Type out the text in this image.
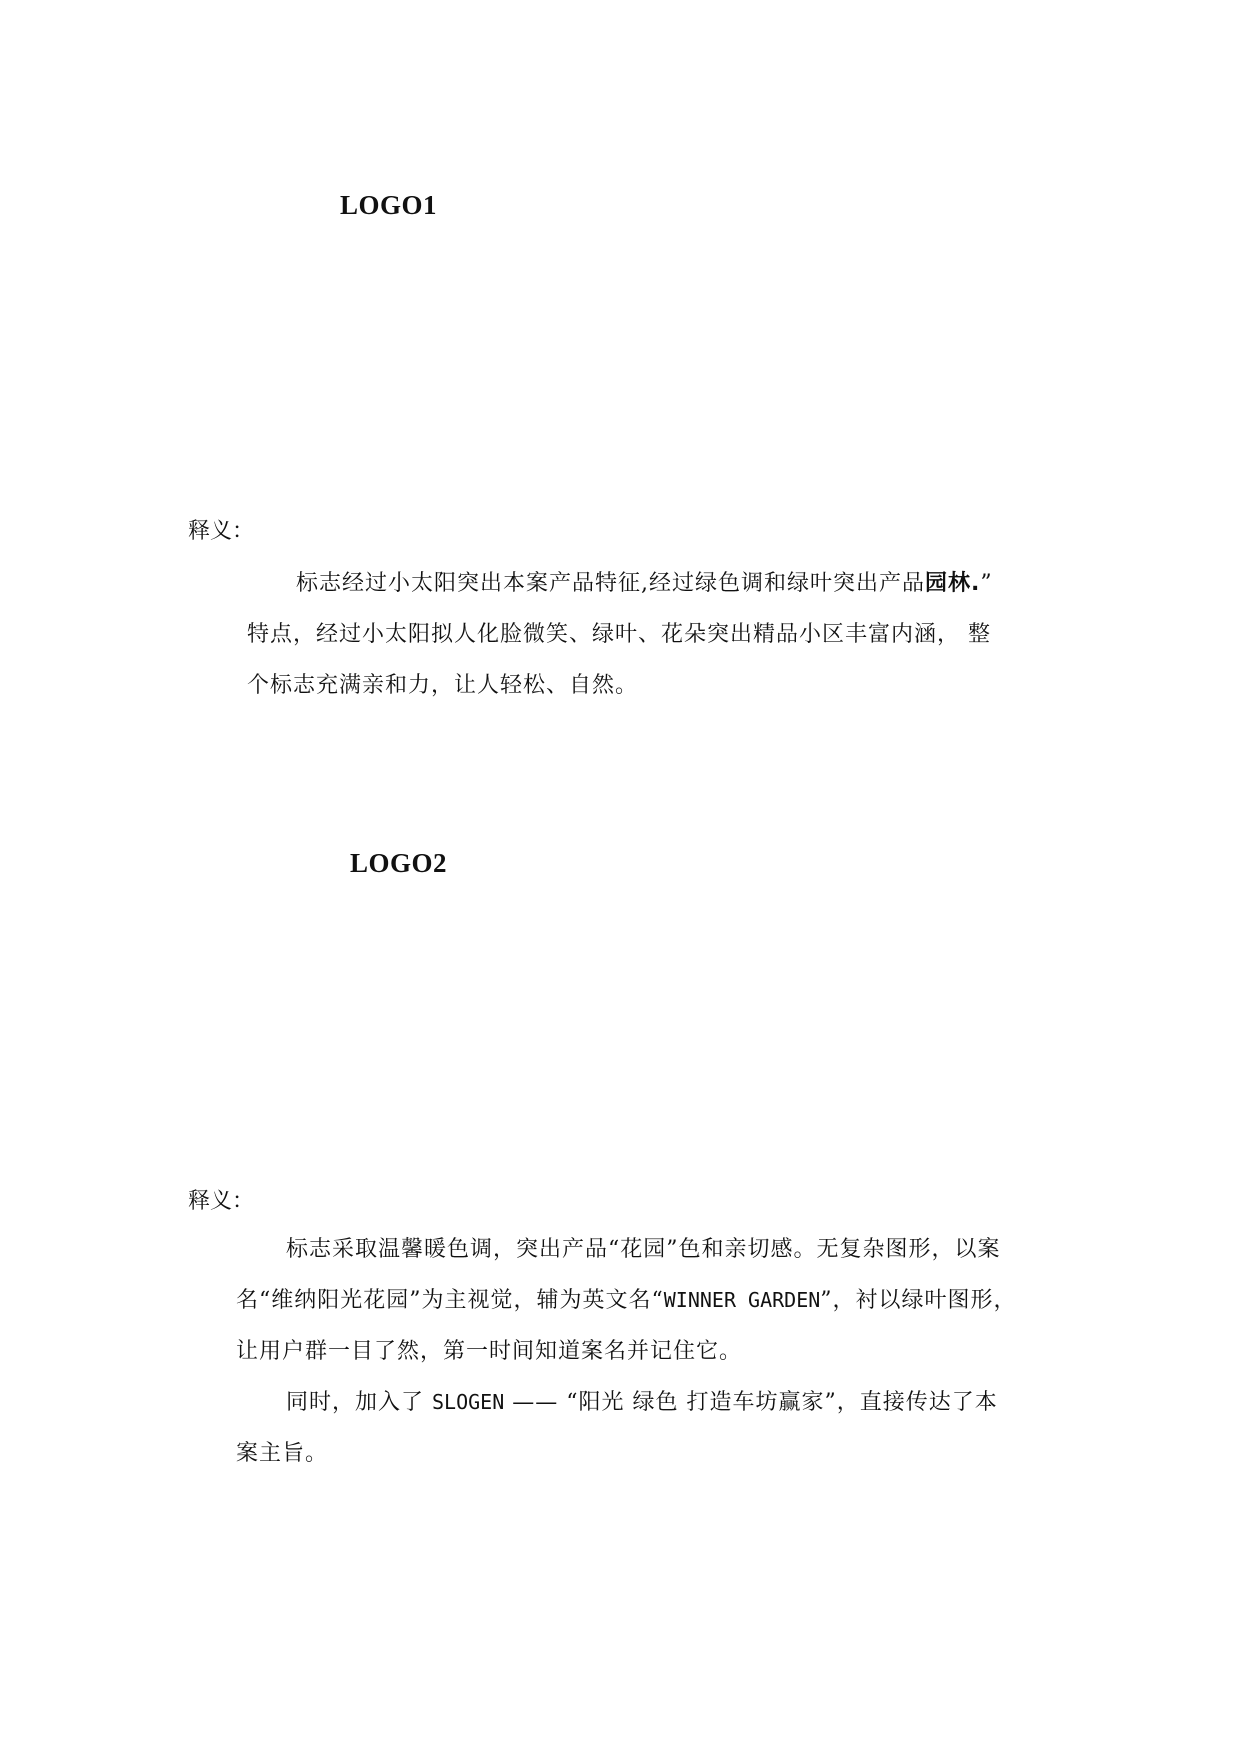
LOGO1
释义：
标志经过小太阳突出本案产品特征,经过绿色调和绿叶突出产品园林.”
特点，经过小太阳拟人化脸微笑、绿叶、花朵突出精品小区丰富内涵， 整
个标志充满亲和力，让人轻松、自然。
LOGO2
释义：
标志采取温馨暖色调，突出产品“花园”色和亲切感。无复杂图形，以案
名“维纳阳光花园”为主视觉，辅为英文名“WINNER GARDEN”，衬以绿叶图形，
让用户群一目了然，第一时间知道案名并记住它。
同时，加入了 SLOGEN —— “阳光 绿色 打造车坊赢家”，直接传达了本
案主旨。
